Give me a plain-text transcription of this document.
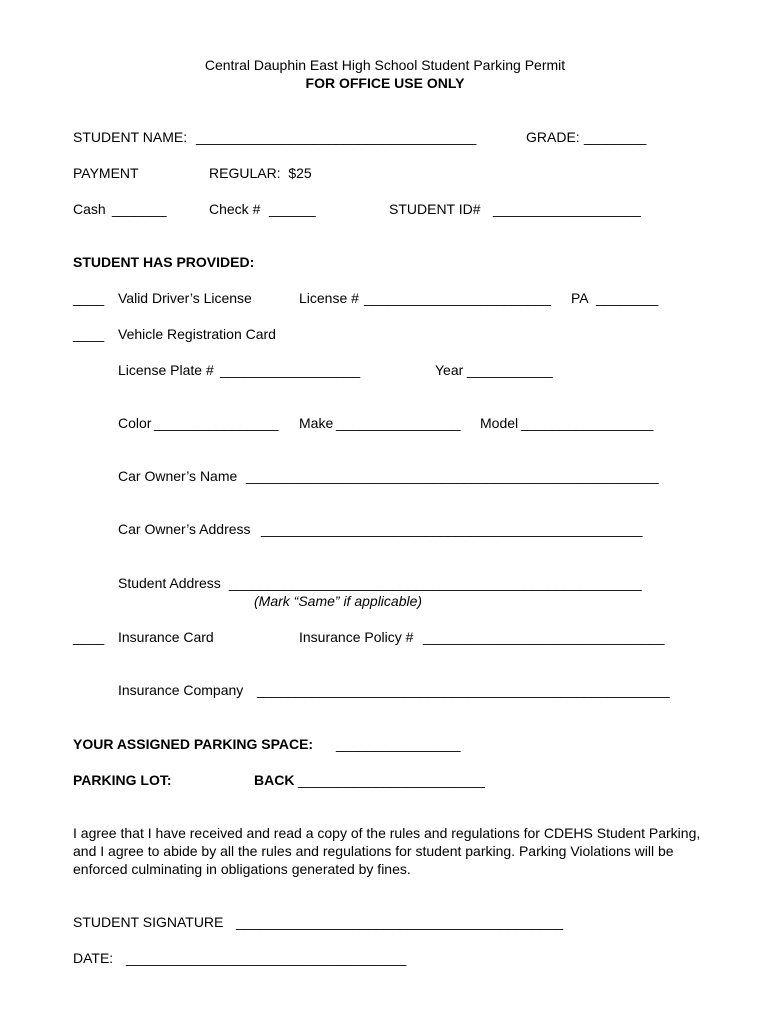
Central Dauphin East High School Student Parking Permit
FOR OFFICE USE ONLY
STUDENT NAME: ____________________________________	GRADE: ________
PAYMENT	REGULAR:  $25
Cash _______	Check # ______	STUDENT ID# ___________________
STUDENT HAS PROVIDED:
____ Valid Driver’s License	License # ________________________ PA ________
____ Vehicle Registration Card
License Plate # __________________	Year ___________
Color ________________ Make ________________ Model _________________
Car Owner’s Name _____________________________________________________
Car Owner’s Address _________________________________________________
Student Address _____________________________________________________
(Mark “Same” if applicable)
____ Insurance Card	Insurance Policy # _______________________________
Insurance Company _____________________________________________________
YOUR ASSIGNED PARKING SPACE: ________________
PARKING LOT:	BACK ________________________
I agree that I have received and read a copy of the rules and regulations for CDEHS Student Parking, and I agree to abide by all the rules and regulations for student parking. Parking Violations will be enforced culminating in obligations generated by fines.
STUDENT SIGNATURE __________________________________________
DATE: ____________________________________
